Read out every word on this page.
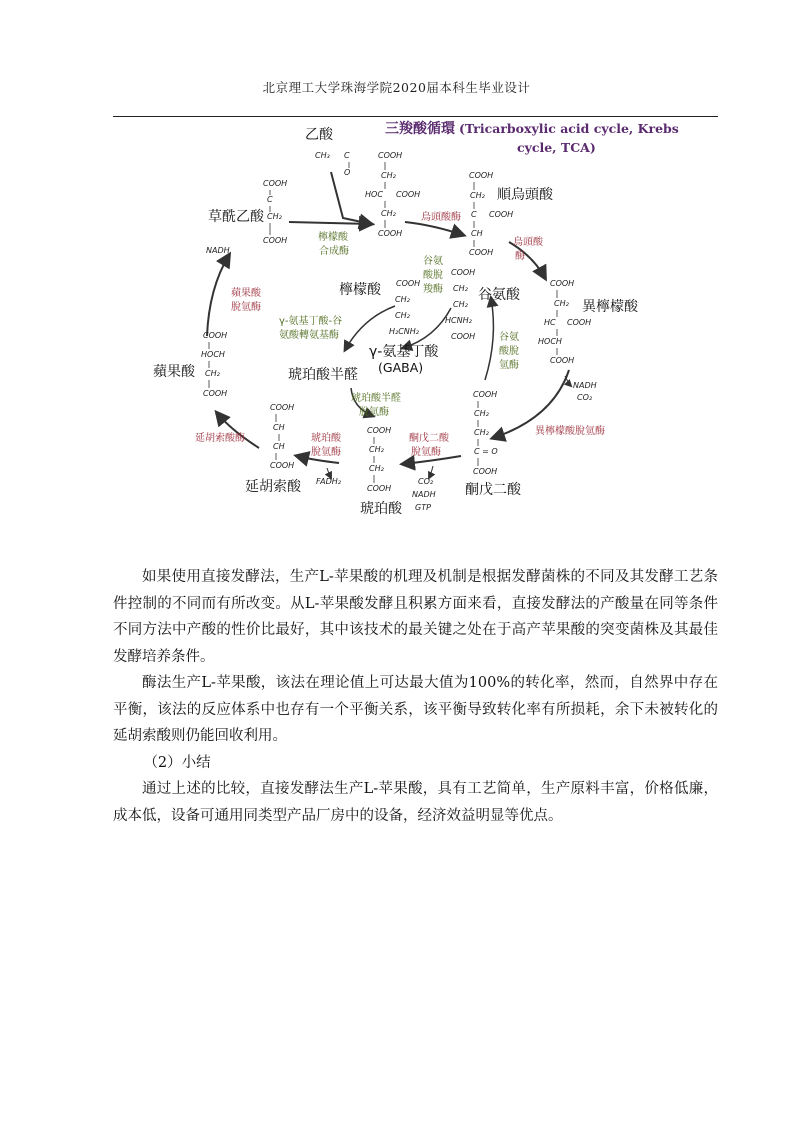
北京理工大学珠海学院2020届本科生毕业设计
三羧酸循環 (Tricarboxylic acid cycle, Krebs
cycle, TCA)
乙酸
草酰乙酸
順烏頭酸
異檸檬酸
谷氨酸
檸檬酸
γ-氨基丁酸
(GABA)
琥珀酸半醛
蘋果酸
延胡索酸
琥珀酸
酮戊二酸
CH₃ C
O
COOH
C
CH₂
COOH
COOH
CH₂
HOC COOH
CH₂
COOH
COOH
CH₂
C COOH
CH
COOH
COOH
CH₂
HC COOH
HOCH
COOH
COOH
CH₂
CH₂
HCNH₂
COOH
COOH
CH₂
CH₂
H₂CNH₂
COOH
HOCH
CH₂
COOH
COOH
CH
CH
COOH
COOH
CH₂
CH₂
COOH
COOH
CH₂
CH₂
C = O
COOH
檸檬酸
合成酶
烏頭酸酶
烏頭酸
酶
異檸檬酸脫氫酶
蘋果酸
脫氫酶
延胡索酸酶	琥珀酸
脫氫酶
酮戊二酸
脫氫酶
谷氨
酸脫
氫酶
谷氨
酸脫
羧酶
γ-氨基丁酸-谷
氨酸轉氨基酶
琥珀酸半醛
脫氫酶
NADH
NADH
CO₂
FADH₂	CO₂
NADH
GTP

如果使用直接发酵法，生产L-苹果酸的机理及机制是根据发酵菌株的不同及其发酵工艺条件控制的不同而有所改变。从L-苹果酸发酵且积累方面来看，直接发酵法的产酸量在同等条件不同方法中产酸的性价比最好，其中该技术的最关键之处在于高产苹果酸的突变菌株及其最佳发酵培养条件。

酶法生产L-苹果酸，该法在理论值上可达最大值为100%的转化率，然而，自然界中存在平衡，该法的反应体系中也存有一个平衡关系，该平衡导致转化率有所损耗，余下未被转化的延胡索酸则仍能回收利用。

（2）小结

通过上述的比较，直接发酵法生产L-苹果酸，具有工艺简单，生产原料丰富，价格低廉，成本低，设备可通用同类型产品厂房中的设备，经济效益明显等优点。
